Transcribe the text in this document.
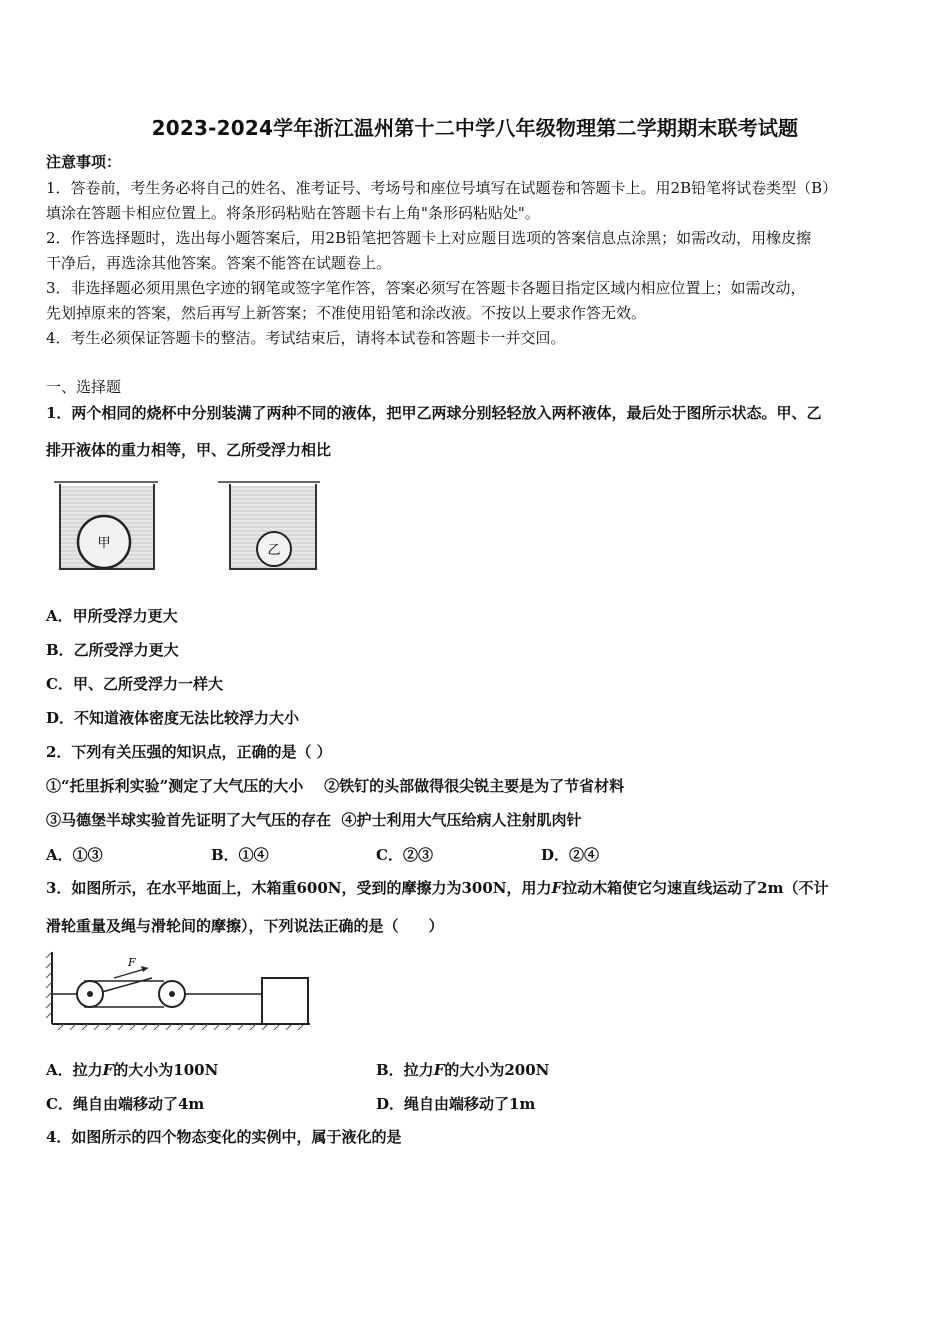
2023-2024学年浙江温州第十二中学八年级物理第二学期期末联考试题
注意事项：
1．答卷前，考生务必将自己的姓名、准考证号、考场号和座位号填写在试题卷和答题卡上。用2B铅笔将试卷类型（B）
填涂在答题卡相应位置上。将条形码粘贴在答题卡右上角"条形码粘贴处"。
2．作答选择题时，选出每小题答案后，用2B铅笔把答题卡上对应题目选项的答案信息点涂黑；如需改动，用橡皮擦
干净后，再选涂其他答案。答案不能答在试题卷上。
3．非选择题必须用黑色字迹的钢笔或签字笔作答，答案必须写在答题卡各题目指定区域内相应位置上；如需改动，
先划掉原来的答案，然后再写上新答案；不准使用铅笔和涂改液。不按以上要求作答无效。
4．考生必须保证答题卡的整洁。考试结束后，请将本试卷和答题卡一并交回。
一、选择题
1．两个相同的烧杯中分别装满了两种不同的液体，把甲乙两球分别轻轻放入两杯液体，最后处于图所示状态。甲、乙
排开液体的重力相等，甲、乙所受浮力相比
甲	乙
A．甲所受浮力更大
B．乙所受浮力更大
C．甲、乙所受浮力一样大
D．不知道液体密度无法比较浮力大小
2．下列有关压强的知识点，正确的是（ ）
①“托里拆利实验”测定了大气压的大小    ②铁钉的头部做得很尖锐主要是为了节省材料
③马德堡半球实验首先证明了大气压的存在  ④护士利用大气压给病人注射肌肉针
A．①③	B．①④	C．②③	D．②④
3．如图所示，在水平地面上，木箱重600N，受到的摩擦力为300N，用力F拉动木箱使它匀速直线运动了2m（不计
滑轮重量及绳与滑轮间的摩擦），下列说法正确的是（　　）
F
A．拉力F的大小为100N	B．拉力F的大小为200N
C．绳自由端移动了4m	D．绳自由端移动了1m
4．如图所示的四个物态变化的实例中，属于液化的是
